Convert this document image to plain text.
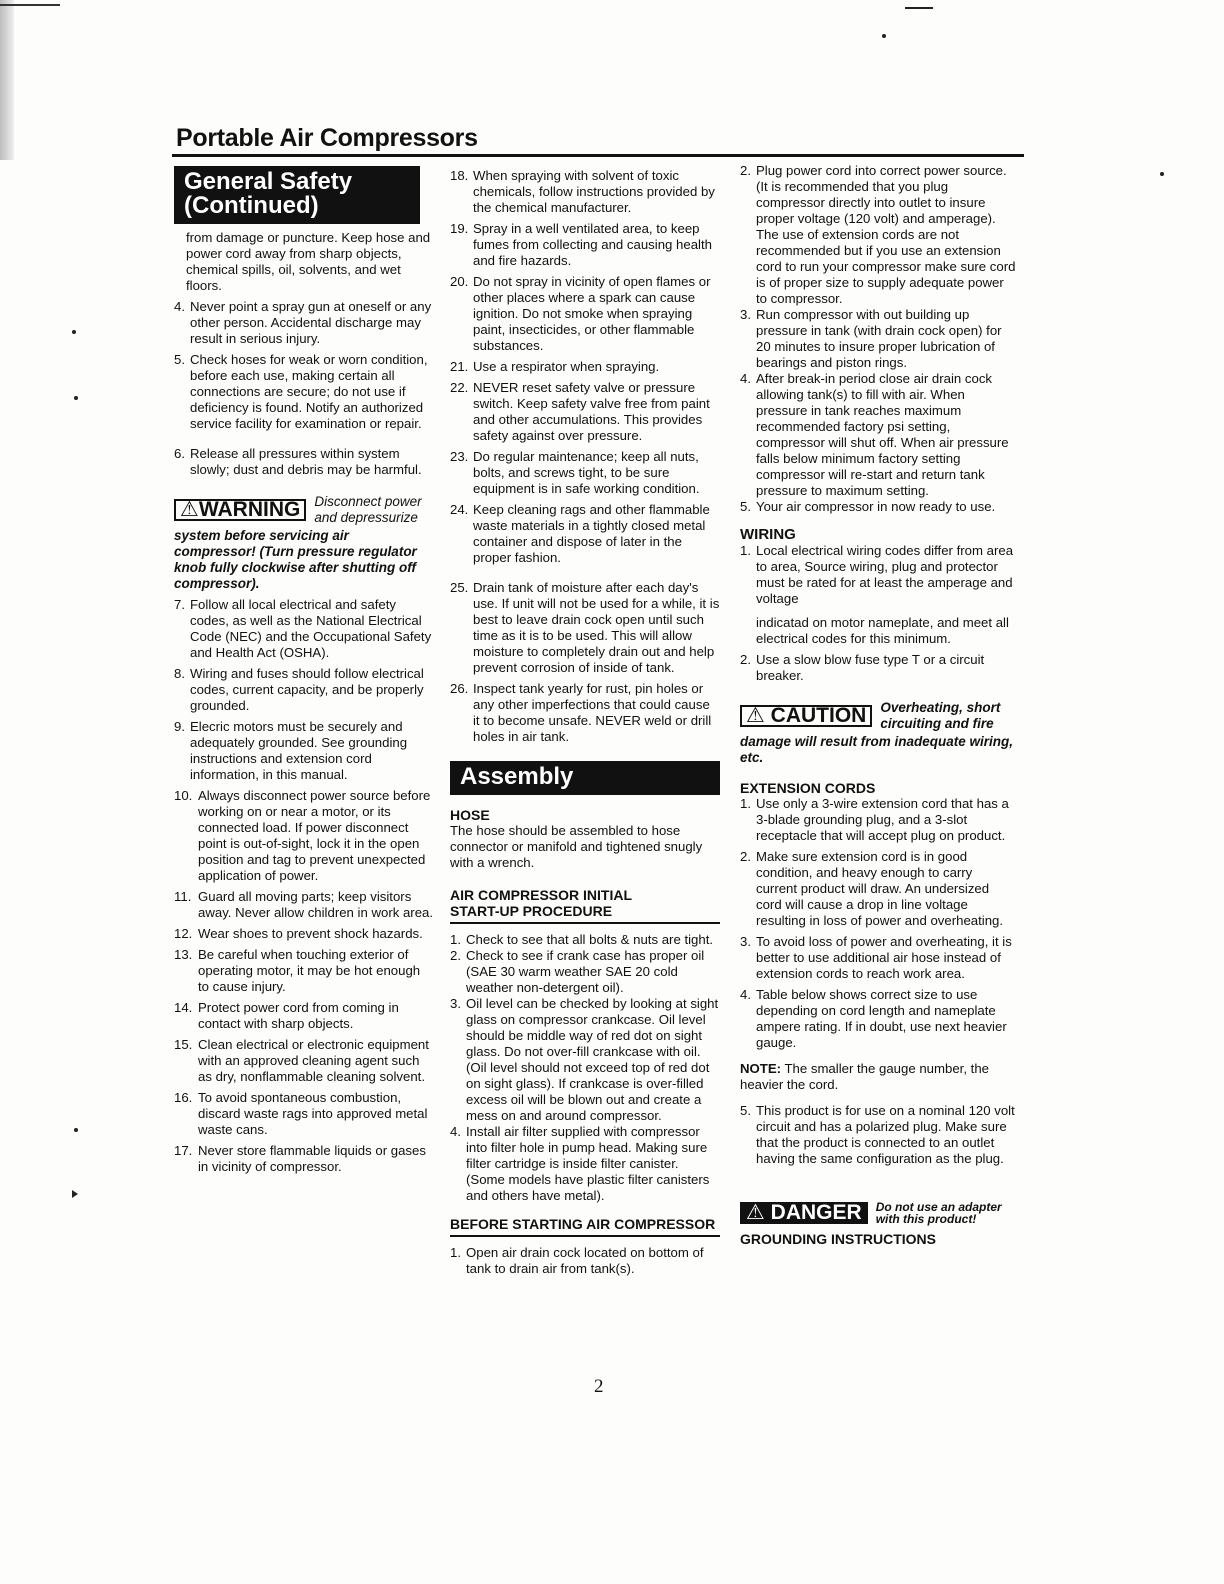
Portable Air Compressors
General Safety
(Continued)

from damage or puncture. Keep hose and power cord away from sharp objects, chemical spills, oil, solvents, and wet floors.

4. Never point a spray gun at oneself or any other person. Accidental discharge may result in serious injury.
5. Check hoses for weak or worn condition, before each use, making certain all connections are secure; do not use if deficiency is found. Notify an authorized service facility for examination or repair.
6. Release all pressures within system slowly; dust and debris may be harmful.
⚠WARNING	Disconnect power and depressurize
system before servicing air compressor! (Turn pressure regulator knob fully clockwise after shutting off compressor).
7. Follow all local electrical and safety codes, as well as the National Electrical Code (NEC) and the Occupational Safety and Health Act (OSHA).
8. Wiring and fuses should follow electrical codes, current capacity, and be properly grounded.
9. Elecric motors must be securely and adequately grounded. See grounding instructions and extension cord information, in this manual.
10. Always disconnect power source before working on or near a motor, or its connected load. If power disconnect point is out-of-sight, lock it in the open position and tag to prevent unexpected application of power.
11. Guard all moving parts; keep visitors away. Never allow children in work area.
12. Wear shoes to prevent shock hazards.
13. Be careful when touching exterior of operating motor, it may be hot enough to cause injury.
14. Protect power cord from coming in contact with sharp objects.
15. Clean electrical or electronic equipment with an approved cleaning agent such as dry, nonflammable cleaning solvent.
16. To avoid spontaneous combustion, discard waste rags into approved metal waste cans.
17. Never store flammable liquids or gases in vicinity of compressor.
18. When spraying with solvent of toxic chemicals, follow instructions provided by the chemical manufacturer.
19. Spray in a well ventilated area, to keep fumes from collecting and causing health and fire hazards.
20. Do not spray in vicinity of open flames or other places where a spark can cause ignition. Do not smoke when spraying paint, insecticides, or other flammable substances.
21. Use a respirator when spraying.
22. NEVER reset safety valve or pressure switch. Keep safety valve free from paint and other accumulations. This provides safety against over pressure.
23. Do regular maintenance; keep all nuts, bolts, and screws tight, to be sure equipment is in safe working condition.
24. Keep cleaning rags and other flammable waste materials in a tightly closed metal container and dispose of later in the proper fashion.
25. Drain tank of moisture after each day's use. If unit will not be used for a while, it is best to leave drain cock open until such time as it is to be used. This will allow moisture to completely drain out and help prevent corrosion of inside of tank.
26. Inspect tank yearly for rust, pin holes or any other imperfections that could cause it to become unsafe. NEVER weld or drill holes in air tank.
Assembly
HOSE

The hose should be assembled to hose connector or manifold and tightened snugly with a wrench.

AIR COMPRESSOR INITIAL
START-UP PROCEDURE
1. Check to see that all bolts & nuts are tight.
2. Check to see if crank case has proper oil (SAE 30 warm weather SAE 20 cold weather non-detergent oil).
3. Oil level can be checked by looking at sight glass on compressor crankcase. Oil level should be middle way of red dot on sight glass. Do not over-fill crankcase with oil. (Oil level should not exceed top of red dot on sight glass). If crankcase is over-filled excess oil will be blown out and create a mess on and around compressor.
4. Install air filter supplied with compressor into filter hole in pump head. Making sure filter cartridge is inside filter canister. (Some models have plastic filter canisters and others have metal).
BEFORE STARTING AIR COMPRESSOR
1. Open air drain cock located on bottom of tank to drain air from tank(s).
2. Plug power cord into correct power source. (It is recommended that you plug compressor directly into outlet to insure proper voltage (120 volt) and amperage). The use of extension cords are not recommended but if you use an extension cord to run your compressor make sure cord is of proper size to supply adequate power to compressor.
3. Run compressor with out building up pressure in tank (with drain cock open) for 20 minutes to insure proper lubrication of bearings and piston rings.
4. After break-in period close air drain cock allowing tank(s) to fill with air. When pressure in tank reaches maximum recommended factory psi setting, compressor will shut off. When air pressure falls below minimum factory setting compressor will re-start and return tank pressure to maximum setting.
5. Your air compressor in now ready to use.
WIRING
1. Local electrical wiring codes differ from area to area, Source wiring, plug and protector must be rated for at least the amperage and voltage
indicatad on motor nameplate, and meet all electrical codes for this minimum.
2. Use a slow blow fuse type T or a circuit breaker.
⚠ CAUTION	Overheating, short circuiting and fire
damage will result from inadequate wiring, etc.
EXTENSION CORDS
1. Use only a 3-wire extension cord that has a 3-blade grounding plug, and a 3-slot receptacle that will accept plug on product.
2. Make sure extension cord is in good condition, and heavy enough to carry current product will draw. An undersized cord will cause a drop in line voltage resulting in loss of power and overheating.
3. To avoid loss of power and overheating, it is better to use additional air hose instead of extension cords to reach work area.
4. Table below shows correct size to use depending on cord length and nameplate ampere rating. If in doubt, use next heavier gauge.

NOTE: The smaller the gauge number, the heavier the cord.

5. This product is for use on a nominal 120 volt circuit and has a polarized plug. Make sure that the product is connected to an outlet having the same configuration as the plug.
⚠ DANGER	Do not use an adapter
with this product!
GROUNDING INSTRUCTIONS
2
